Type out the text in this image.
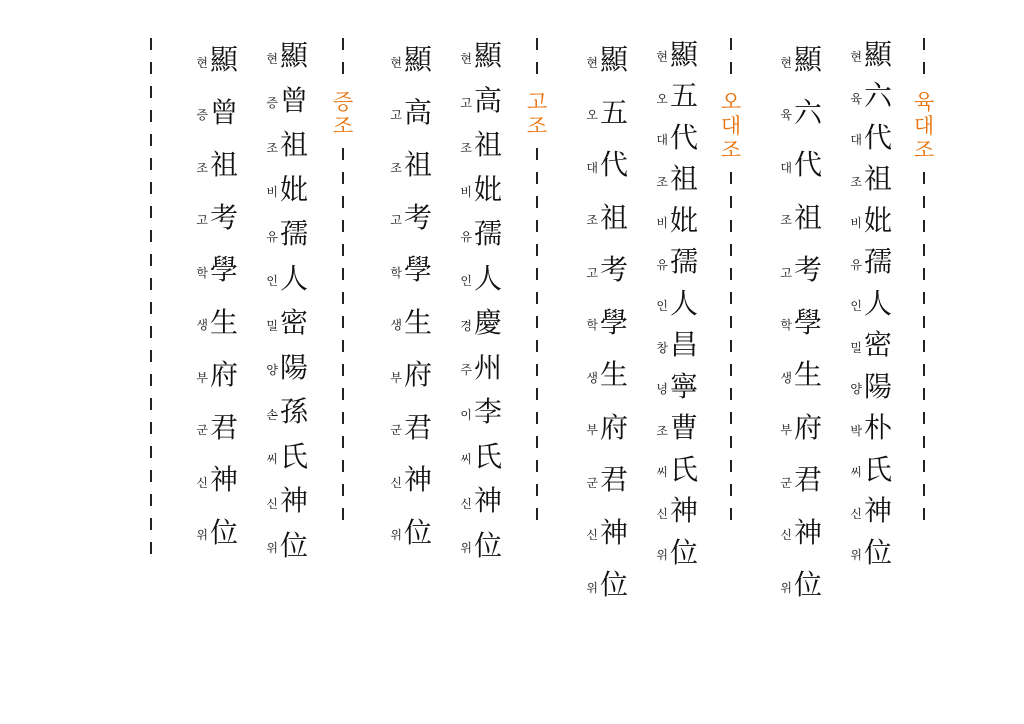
육
대
조
현 顯
육 六
대 代
조 祖
비 妣
유 孺
인 人
밀 密
양 陽
박 朴
씨 氏
신 神
위 位
현 顯
육 六
대 代
조 祖
고 考
학 學
생 生
부 府
군 君
신 神
위 位
오
대
조
현 顯
오 五
대 代
조 祖
비 妣
유 孺
인 人
창 昌
녕 寧
조 曹
씨 氏
신 神
위 位
현 顯
오 五
대 代
조 祖
고 考
학 學
생 生
부 府
군 君
신 神
위 位
고
조
현 顯
고 高
조 祖
비 妣
유 孺
인 人
경 慶
주 州
이 李
씨 氏
신 神
위 位
현 顯
고 高
조 祖
고 考
학 學
생 生
부 府
군 君
신 神
위 位
증
조
현 顯
증 曾
조 祖
비 妣
유 孺
인 人
밀 密
양 陽
손 孫
씨 氏
신 神
위 位
현 顯
증 曾
조 祖
고 考
학 學
생 生
부 府
군 君
신 神
위 位
